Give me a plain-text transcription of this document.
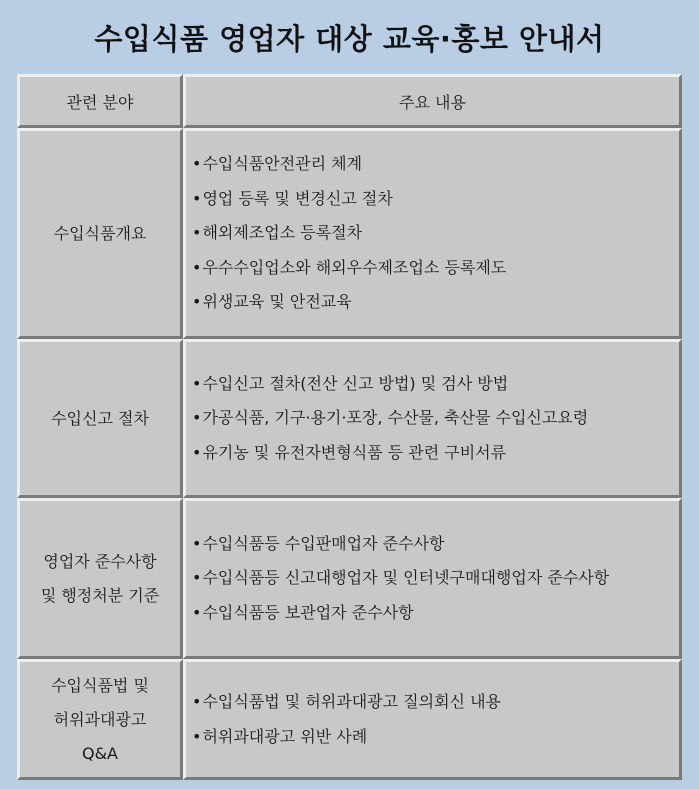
수입식품 영업자 대상 교육·홍보 안내서
관련 분야	주요 내용
수입식품개요
•수입식품안전관리 체계
•영업 등록 및 변경신고 절차
•해외제조업소 등록절차
•우수수입업소와 해외우수제조업소 등록제도
•위생교육 및 안전교육
수입신고 절차
•수입신고 절차(전산 신고 방법) 및 검사 방법
•가공식품, 기구·용기·포장, 수산물, 축산물 수입신고요령
•유기농 및 유전자변형식품 등 관련 구비서류
영업자 준수사항
및 행정처분 기준
•수입식품등 수입판매업자 준수사항
•수입식품등 신고대행업자 및 인터넷구매대행업자 준수사항
•수입식품등 보관업자 준수사항
수입식품법 및
허위과대광고
Q&A
•수입식품법 및 허위과대광고 질의회신 내용
•허위과대광고 위반 사례
